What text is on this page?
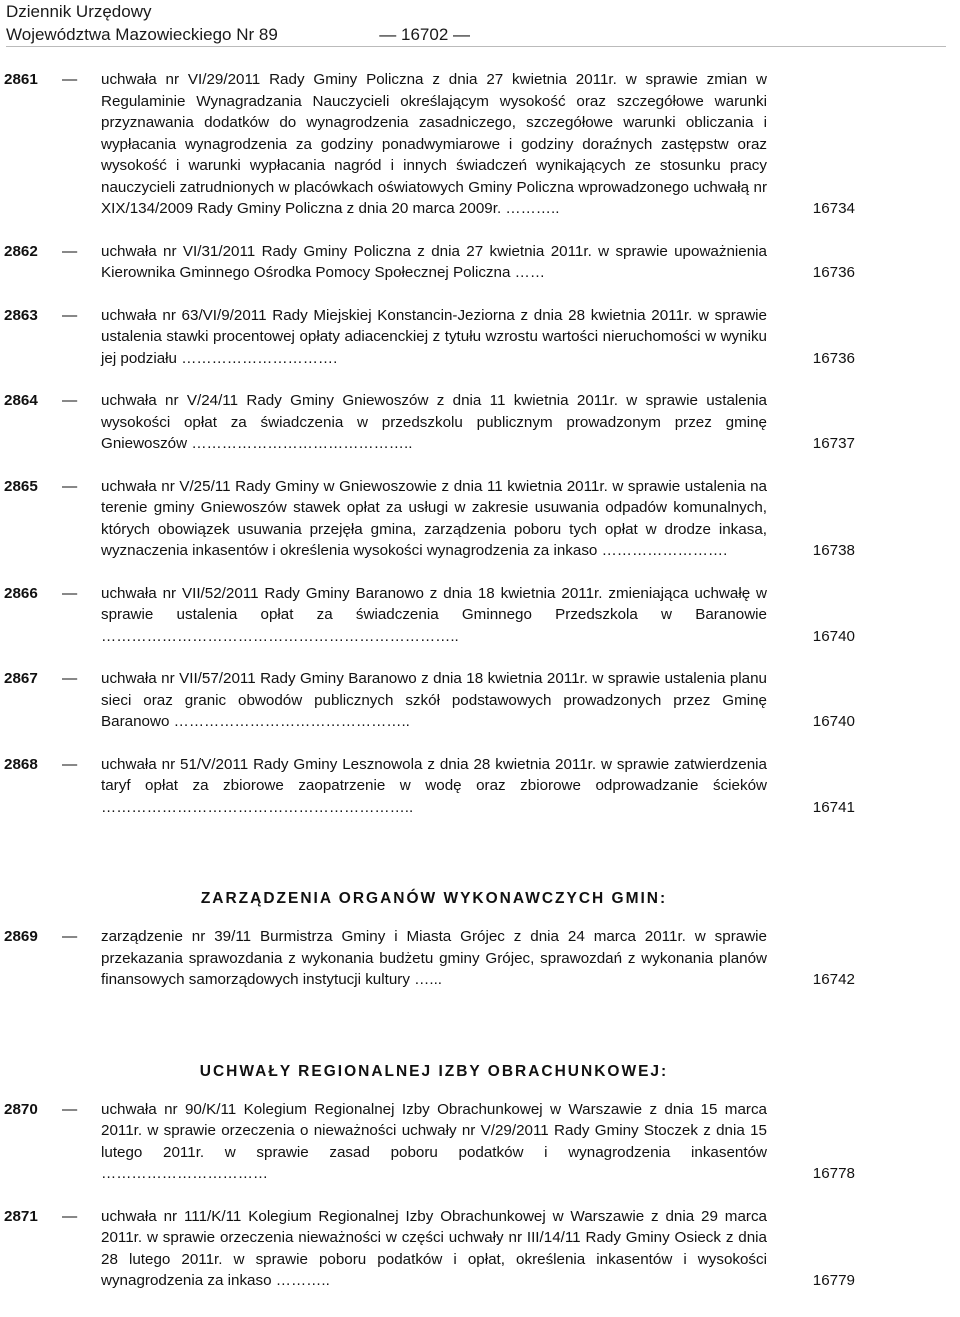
Dziennik Urzędowy
Województwa Mazowieckiego Nr 89	— 16702 —
2861 — uchwała nr VI/29/2011 Rady Gminy Policzna z dnia 27 kwietnia 2011r. w sprawie zmian w Regulaminie Wynagradzania Nauczycieli określającym wysokość oraz szczegółowe warunki przyznawania dodatków do wynagrodzenia zasadniczego, szczegółowe warunki obliczania i wypłacania wynagrodzenia za godziny ponadwymiarowe i godziny doraźnych zastępstw oraz wysokość i warunki wypłacania nagród i innych świadczeń wynikających ze stosunku pracy nauczycieli zatrudnionych w placówkach oświatowych Gminy Policzna wprowadzonego uchwałą nr XIX/134/2009 Rady Gminy Policzna z dnia 20 marca 2009r. ………..	16734
2862 — uchwała nr VI/31/2011 Rady Gminy Policzna z dnia 27 kwietnia 2011r. w sprawie upoważnienia Kierownika Gminnego Ośrodka Pomocy Społecznej Policzna ……	16736
2863 — uchwała nr 63/VI/9/2011 Rady Miejskiej Konstancin-Jeziorna z dnia 28 kwietnia 2011r. w sprawie ustalenia stawki procentowej opłaty adiacenckiej z tytułu wzrostu wartości nieruchomości w wyniku jej podziału ………………………….	16736
2864 — uchwała nr V/24/11 Rady Gminy Gniewoszów z dnia 11 kwietnia 2011r. w sprawie ustalenia wysokości opłat za świadczenia w przedszkolu publicznym prowadzonym przez gminę Gniewoszów ……………………………………..	16737
2865 — uchwała nr V/25/11 Rady Gminy w Gniewoszowie z dnia 11 kwietnia 2011r. w sprawie ustalenia na terenie gminy Gniewoszów stawek opłat za usługi w zakresie usuwania odpadów komunalnych, których obowiązek usuwania przejęła gmina, zarządzenia poboru tych opłat w drodze inkasa, wyznaczenia inkasentów i określenia wysokości wynagrodzenia za inkaso …………………….	16738
2866 — uchwała nr VII/52/2011 Rady Gminy Baranowo z dnia 18 kwietnia 2011r. zmieniająca uchwałę w sprawie ustalenia opłat za świadczenia Gminnego Przedszkola w Baranowie ……………………………………………………………..	16740
2867 — uchwała nr VII/57/2011 Rady Gminy Baranowo z dnia 18 kwietnia 2011r. w sprawie ustalenia planu sieci oraz granic obwodów publicznych szkół podstawowych prowadzonych przez Gminę Baranowo ………………………………………..	16740
2868 — uchwała nr 51/V/2011 Rady Gminy Lesznowola z dnia 28 kwietnia 2011r. w sprawie zatwierdzenia taryf opłat za zbiorowe zaopatrzenie w wodę oraz zbiorowe odprowadzanie ścieków ……………………………………………………..	16741
ZARZĄDZENIA ORGANÓW WYKONAWCZYCH GMIN:
2869 — zarządzenie nr 39/11 Burmistrza Gminy i Miasta Grójec z dnia 24 marca 2011r. w sprawie przekazania sprawozdania z wykonania budżetu gminy Grójec, sprawozdań z wykonania planów finansowych samorządowych instytucji kultury …...	16742
UCHWAŁY REGIONALNEJ IZBY OBRACHUNKOWEJ:
2870 — uchwała nr 90/K/11 Kolegium Regionalnej Izby Obrachunkowej w Warszawie z dnia 15 marca 2011r. w sprawie orzeczenia o nieważności uchwały nr V/29/2011 Rady Gminy Stoczek z dnia 15 lutego 2011r. w sprawie zasad poboru podatków i wynagrodzenia inkasentów ……………………………	16778
2871 — uchwała nr 111/K/11 Kolegium Regionalnej Izby Obrachunkowej w Warszawie z dnia 29 marca 2011r. w sprawie orzeczenia nieważności w części uchwały nr III/14/11 Rady Gminy Osieck z dnia 28 lutego 2011r. w sprawie poboru podatków i opłat, określenia inkasentów i wysokości wynagrodzenia za inkaso ………..	16779
